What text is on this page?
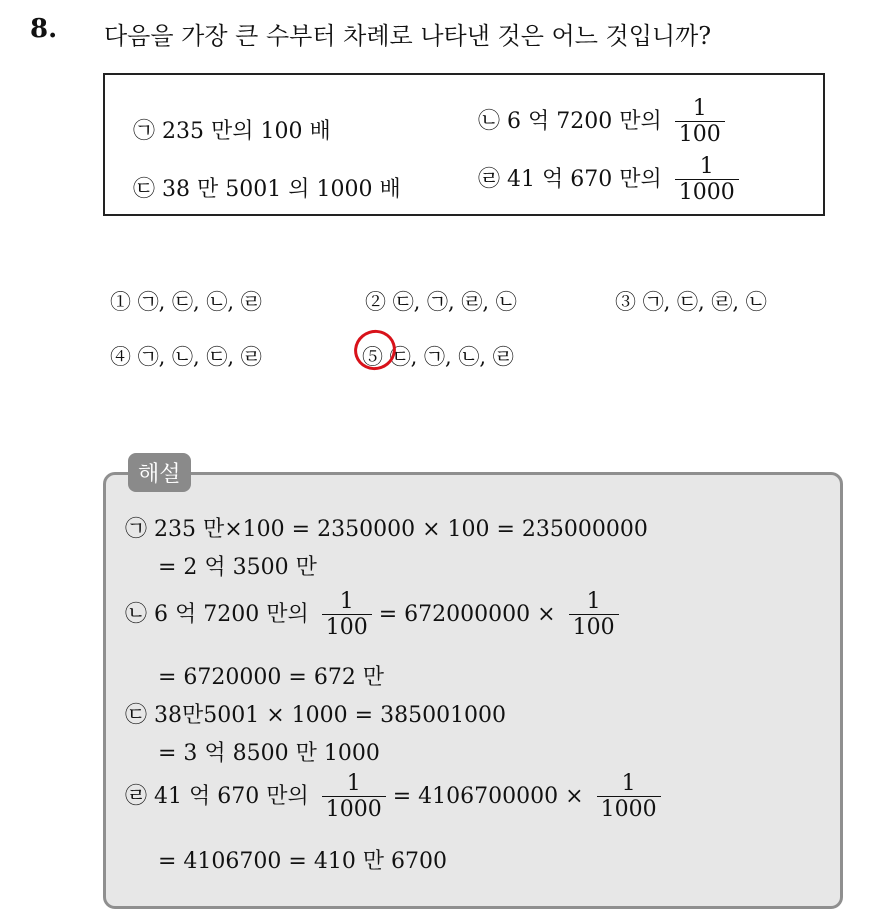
8. 다음을 가장 큰 수부터 차례로 나타낸 것은 어느 것입니까?
㉠ 235 만의 100 배	㉡ 6 억 7200 만의 $\frac{1}{100}$
㉢ 38 만 5001 의 1000 배	㉣ 41 억 670 만의 $\frac{1}{1000}$
① ㉠, ㉢, ㉡, ㉣	② ㉢, ㉠, ㉣, ㉡	③ ㉠, ㉢, ㉣, ㉡
④ ㉠, ㉡, ㉢, ㉣	⑤ ㉢, ㉠, ㉡, ㉣
해설
㉠ 235 만×100 = 2350000 × 100 = 235000000
= 2 억 3500 만
㉡ 6 억 7200 만의 $\frac{1}{100} = 672000000 \times \frac{1}{100}$
= 6720000 = 672 만
㉢ 38만5001 × 1000 = 385001000
= 3 억 8500 만 1000
㉣ 41 억 670 만의 $\frac{1}{1000} = 4106700000 \times \frac{1}{1000}$
= 4106700 = 410 만 6700
